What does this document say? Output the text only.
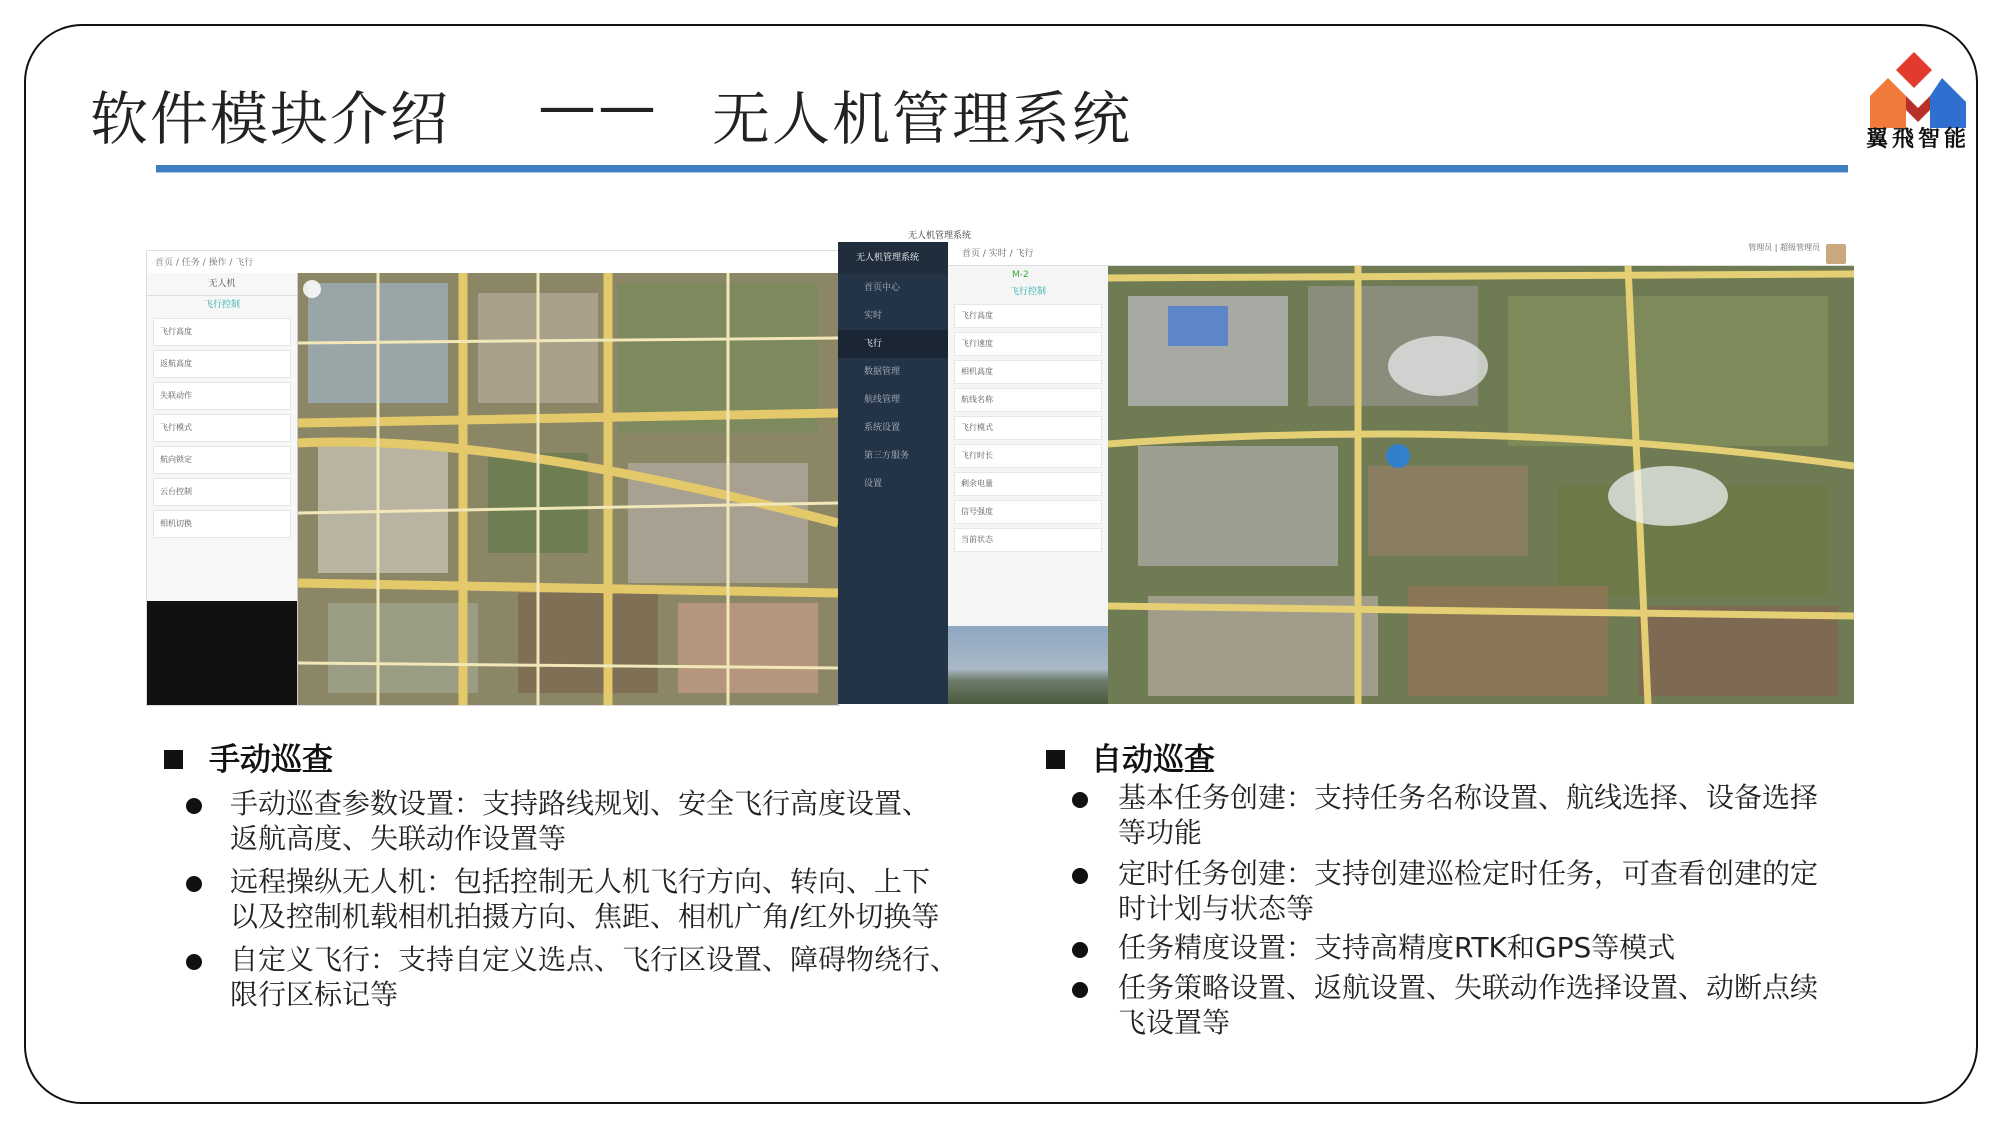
软件模块介绍 —— 无人机管理系统	翼飛智能
首页 / 任务 / 操作 / 飞行
无人机
飞行控制
飞行高度
返航高度
失联动作
飞行模式
航向锁定
云台控制
相机切换
无人机管理系统
无人机管理系统
首页中心
实时
飞行
数据管理
航线管理
系统设置
第三方服务
设置
首页 / 实时 / 飞行
管理员 | 超级管理员
M-2
飞行控制
飞行高度
飞行速度
相机高度
航线名称
飞行模式
飞行时长
剩余电量
信号强度
当前状态
手动巡查
手动巡查参数设置：支持路线规划、安全飞行高度设置、
返航高度、失联动作设置等
远程操纵无人机：包括控制无人机飞行方向、转向、上下
以及控制机载相机拍摄方向、焦距、相机广角/红外切换等
自定义飞行：支持自定义选点、飞行区设置、障碍物绕行、
限行区标记等
自动巡查
基本任务创建：支持任务名称设置、航线选择、设备选择
等功能
定时任务创建：支持创建巡检定时任务，可查看创建的定
时计划与状态等
任务精度设置：支持高精度RTK和GPS等模式
任务策略设置、返航设置、失联动作选择设置、动断点续
飞设置等
